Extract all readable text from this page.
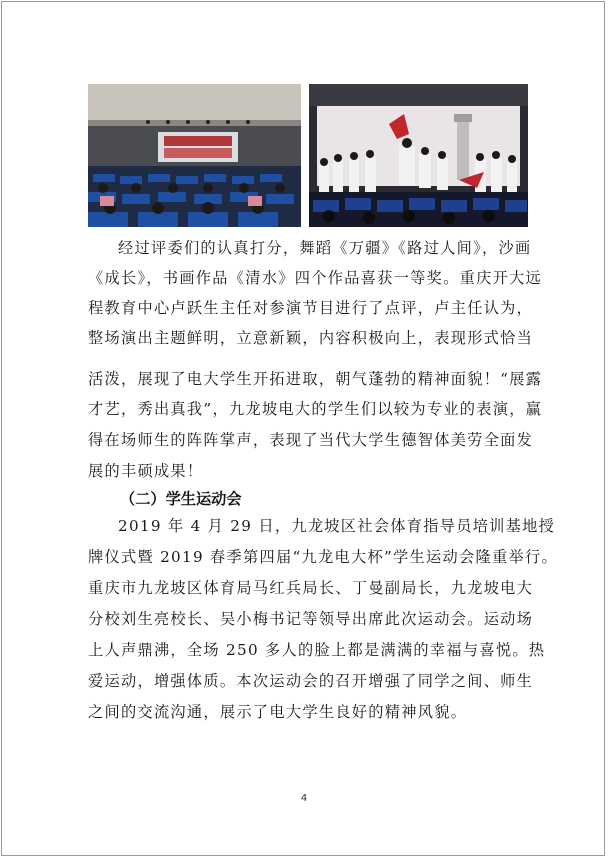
经过评委们的认真打分，舞蹈《万疆》《路过人间》，沙画
《成长》，书画作品《清水》四个作品喜获一等奖。重庆开大远
程教育中心卢跃生主任对参演节目进行了点评，卢主任认为，
整场演出主题鲜明，立意新颖，内容积极向上，表现形式恰当
活泼，展现了电大学生开拓进取，朝气蓬勃的精神面貌！“展露
才艺，秀出真我”，九龙坡电大的学生们以较为专业的表演，赢
得在场师生的阵阵掌声，表现了当代大学生德智体美劳全面发
展的丰硕成果！
（二）学生运动会
2019 年 4 月 29 日，九龙坡区社会体育指导员培训基地授
牌仪式暨 2019 春季第四届“九龙电大杯”学生运动会隆重举行。
重庆市九龙坡区体育局马红兵局长、丁曼副局长，九龙坡电大
分校刘生亮校长、吴小梅书记等领导出席此次运动会。运动场
上人声鼎沸，全场 250 多人的脸上都是满满的幸福与喜悦。热
爱运动，增强体质。本次运动会的召开增强了同学之间、师生
之间的交流沟通，展示了电大学生良好的精神风貌。
4
